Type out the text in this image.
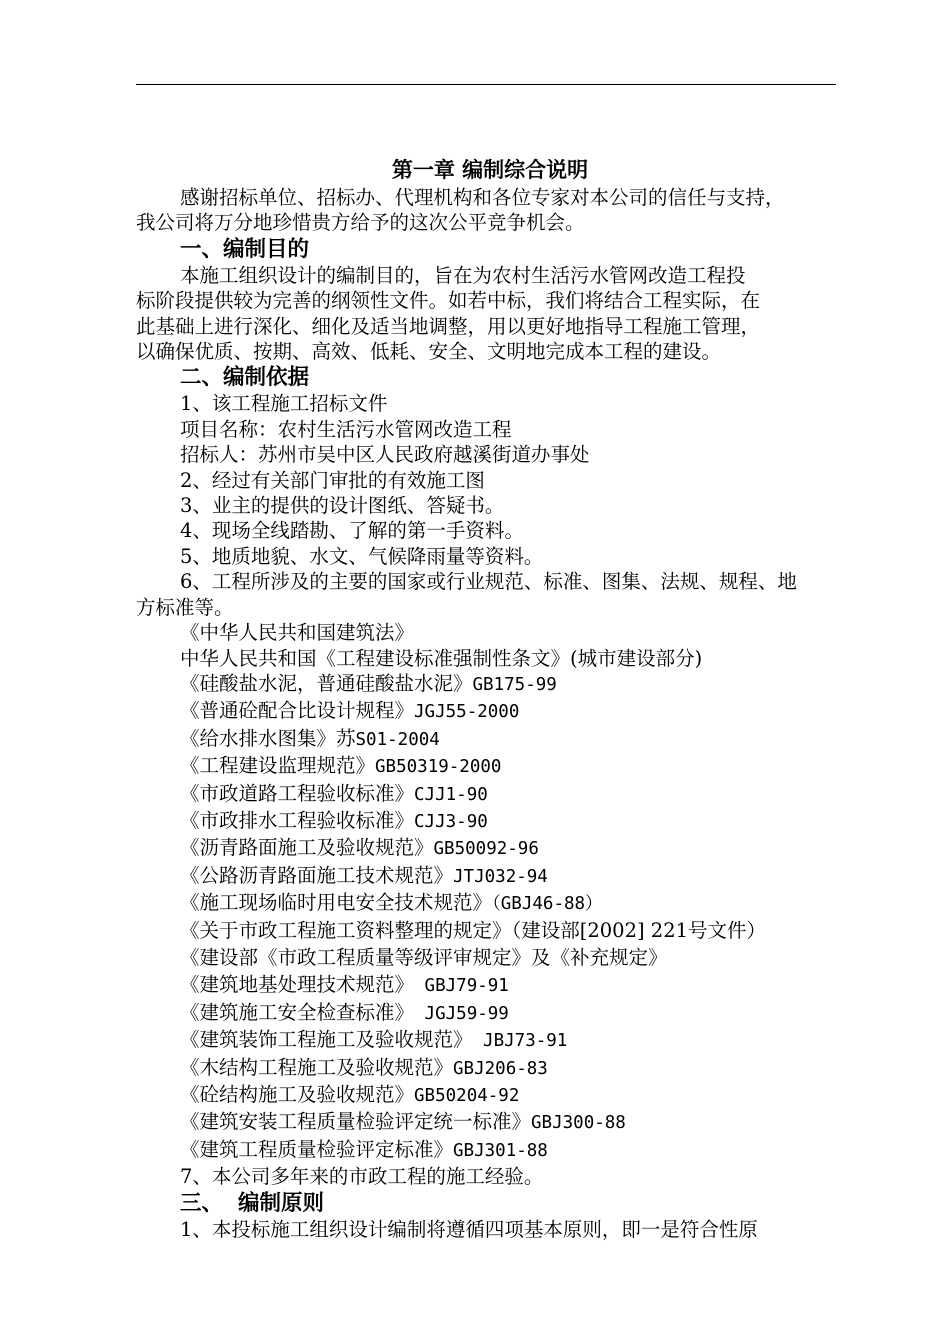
第一章 编制综合说明
感谢招标单位、招标办、代理机构和各位专家对本公司的信任与支持，
我公司将万分地珍惜贵方给予的这次公平竞争机会。
一、编制目的
本施工组织设计的编制目的，旨在为农村生活污水管网改造工程投
标阶段提供较为完善的纲领性文件。如若中标，我们将结合工程实际，在
此基础上进行深化、细化及适当地调整，用以更好地指导工程施工管理，
以确保优质、按期、高效、低耗、安全、文明地完成本工程的建设。
二、编制依据
1、该工程施工招标文件
项目名称：农村生活污水管网改造工程
招标人：苏州市吴中区人民政府越溪街道办事处
2、经过有关部门审批的有效施工图
3、业主的提供的设计图纸、答疑书。
4、现场全线踏勘、了解的第一手资料。
5、地质地貌、水文、气候降雨量等资料。
6、工程所涉及的主要的国家或行业规范、标准、图集、法规、规程、地
方标准等。
《中华人民共和国建筑法》
中华人民共和国《工程建设标准强制性条文》(城市建设部分)
《硅酸盐水泥，普通硅酸盐水泥》GB175-99
《普通砼配合比设计规程》JGJ55-2000
《给水排水图集》苏S01-2004
《工程建设监理规范》GB50319-2000
《市政道路工程验收标准》CJJ1-90
《市政排水工程验收标准》CJJ3-90
《沥青路面施工及验收规范》GB50092-96
《公路沥青路面施工技术规范》JTJ032-94
《施工现场临时用电安全技术规范》（GBJ46-88）
《关于市政工程施工资料整理的规定》（建设部[2002] 221号文件）
《建设部《市政工程质量等级评审规定》及《补充规定》
《建筑地基处理技术规范》 GBJ79-91
《建筑施工安全检查标准》 JGJ59-99
《建筑装饰工程施工及验收规范》 JBJ73-91
《木结构工程施工及验收规范》GBJ206-83
《砼结构施工及验收规范》GB50204-92
《建筑安装工程质量检验评定统一标准》GBJ300-88
《建筑工程质量检验评定标准》GBJ301-88
7、本公司多年来的市政工程的施工经验。
三、  编制原则
1、本投标施工组织设计编制将遵循四项基本原则，即一是符合性原
